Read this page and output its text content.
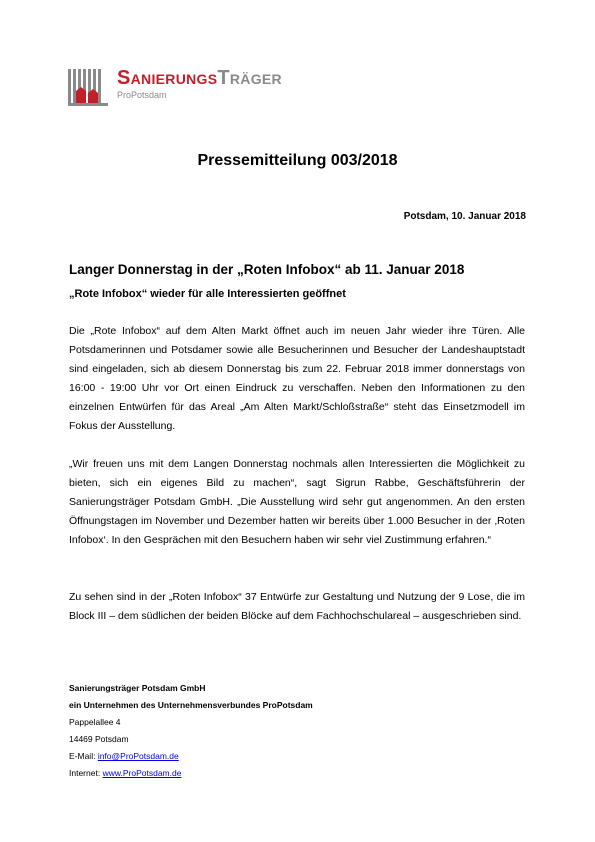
SanierungsTräger
ProPotsdam
Pressemitteilung 003/2018
Potsdam, 10. Januar 2018
Langer Donnerstag in der „Roten Infobox“ ab 11. Januar 2018
„Rote Infobox“ wieder für alle Interessierten geöffnet
Die „Rote Infobox“ auf dem Alten Markt öffnet auch im neuen Jahr wieder ihre Türen. Alle Potsdamerinnen und Potsdamer sowie alle Besucherinnen und Besucher der Landeshauptstadt sind eingeladen, sich ab diesem Donnerstag bis zum 22. Februar 2018 immer donnerstags von 16:00 - 19:00 Uhr vor Ort einen Eindruck zu verschaffen. Neben den Informationen zu den einzelnen Entwürfen für das Areal „Am Alten Markt/Schloßstraße“ steht das Einsetzmodell im Fokus der Ausstellung.
„Wir freuen uns mit dem Langen Donnerstag nochmals allen Interessierten die Möglichkeit zu bieten, sich ein eigenes Bild zu machen“, sagt Sigrun Rabbe, Geschäftsführerin der Sanierungsträger Potsdam GmbH. „Die Ausstellung wird sehr gut angenommen. An den ersten Öffnungstagen im November und Dezember hatten wir bereits über 1.000 Besucher in der ‚Roten Infobox‘. In den Gesprächen mit den Besuchern haben wir sehr viel Zustimmung erfahren.“
Zu sehen sind in der „Roten Infobox“ 37 Entwürfe zur Gestaltung und Nutzung der 9 Lose, die im Block III – dem südlichen der beiden Blöcke auf dem Fachhochschulareal – ausgeschrieben sind.
Sanierungsträger Potsdam GmbH
ein Unternehmen des Unternehmensverbundes ProPotsdam
Pappelallee 4
14469 Potsdam
E-Mail: info@ProPotsdam.de
Internet: www.ProPotsdam.de
